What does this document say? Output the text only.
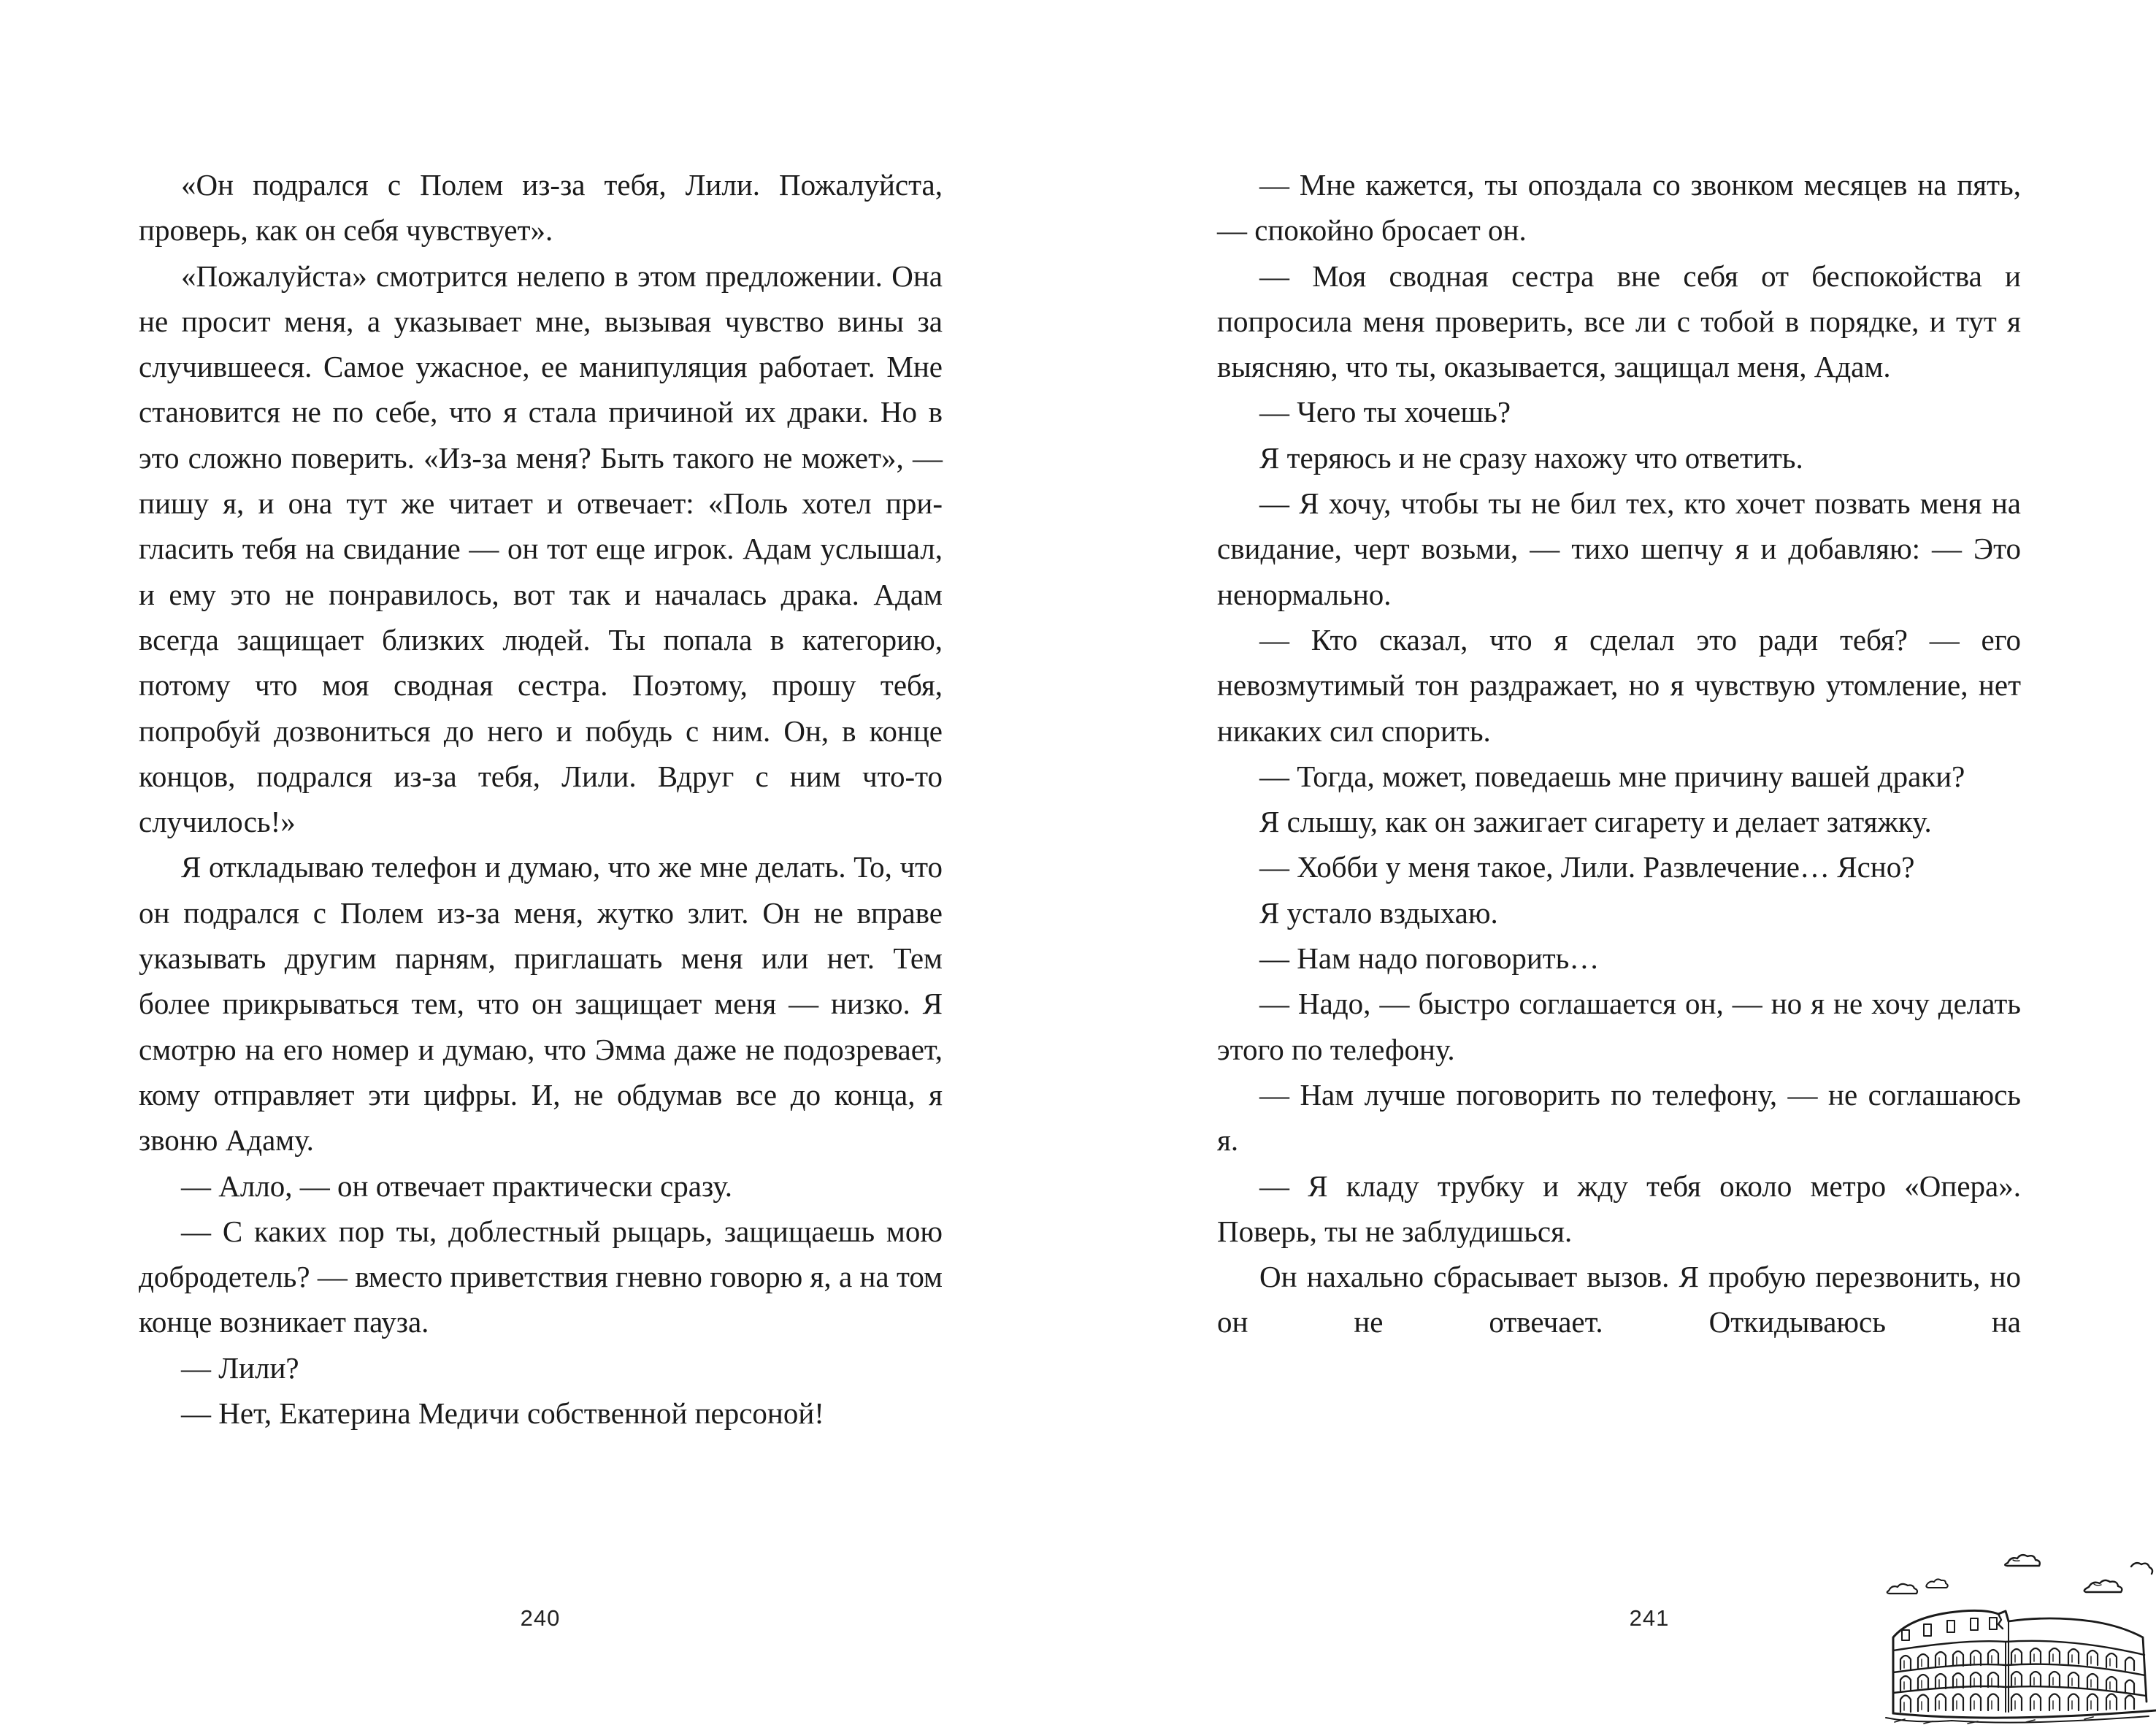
«Он подрался с Полем из-за тебя, Лили. Пожалуйста, проверь, как он себя чувствует».

«Пожалуйста» смотрится нелепо в этом предложении. Она не просит меня, а указывает мне, вызывая чувство вины за случившееся. Самое ужасное, ее манипуляция работает. Мне становится не по себе, что я стала причиной их драки. Но в это сложно поверить. «Из-за меня? Быть такого не может», — пишу я, и она тут же читает и отвечает: «Поль хотел пригласить тебя на свидание — он тот еще игрок. Адам услышал, и ему это не понравилось, вот так и началась драка. Адам всегда защищает близких людей. Ты попала в категорию, потому что моя сводная сестра. Поэтому, прошу тебя, попробуй дозвониться до него и побудь с ним. Он, в конце концов, подрался из-за тебя, Лили. Вдруг с ним что-то случилось!»

Я откладываю телефон и думаю, что же мне делать. То, что он подрался с Полем из-за меня, жутко злит. Он не вправе указывать другим парням, приглашать меня или нет. Тем более прикрываться тем, что он защищает меня — низко. Я смотрю на его номер и думаю, что Эмма даже не подозревает, кому отправляет эти цифры. И, не обдумав все до конца, я звоню Адаму.

— Алло, — он отвечает практически сразу.

— С каких пор ты, доблестный рыцарь, защищаешь мою добродетель? — вместо приветствия гневно говорю я, а на том конце возникает пауза.

— Лили?

— Нет, Екатерина Медичи собственной персоной!

240

— Мне кажется, ты опоздала со звонком месяцев на пять, — спокойно бросает он.

— Моя сводная сестра вне себя от беспокойства и попросила меня проверить, все ли с тобой в порядке, и тут я выясняю, что ты, оказывается, защищал меня, Адам.

— Чего ты хочешь?

Я теряюсь и не сразу нахожу что ответить.

— Я хочу, чтобы ты не бил тех, кто хочет позвать меня на свидание, черт возьми, — тихо шепчу я и добавляю: — Это ненормально.

— Кто сказал, что я сделал это ради тебя? — его невозмутимый тон раздражает, но я чувствую утомление, нет никаких сил спорить.

— Тогда, может, поведаешь мне причину вашей драки?

Я слышу, как он зажигает сигарету и делает затяжку.

— Хобби у меня такое, Лили. Развлечение… Ясно?

Я устало вздыхаю.

— Нам надо поговорить…

— Надо, — быстро соглашается он, — но я не хочу делать этого по телефону.

— Нам лучше поговорить по телефону, — не соглашаюсь я.

— Я кладу трубку и жду тебя около метро «Опера». Поверь, ты не заблудишься.

Он нахально сбрасывает вызов. Я пробую перезвонить, но он не отвечает. Откидываюсь на

241
